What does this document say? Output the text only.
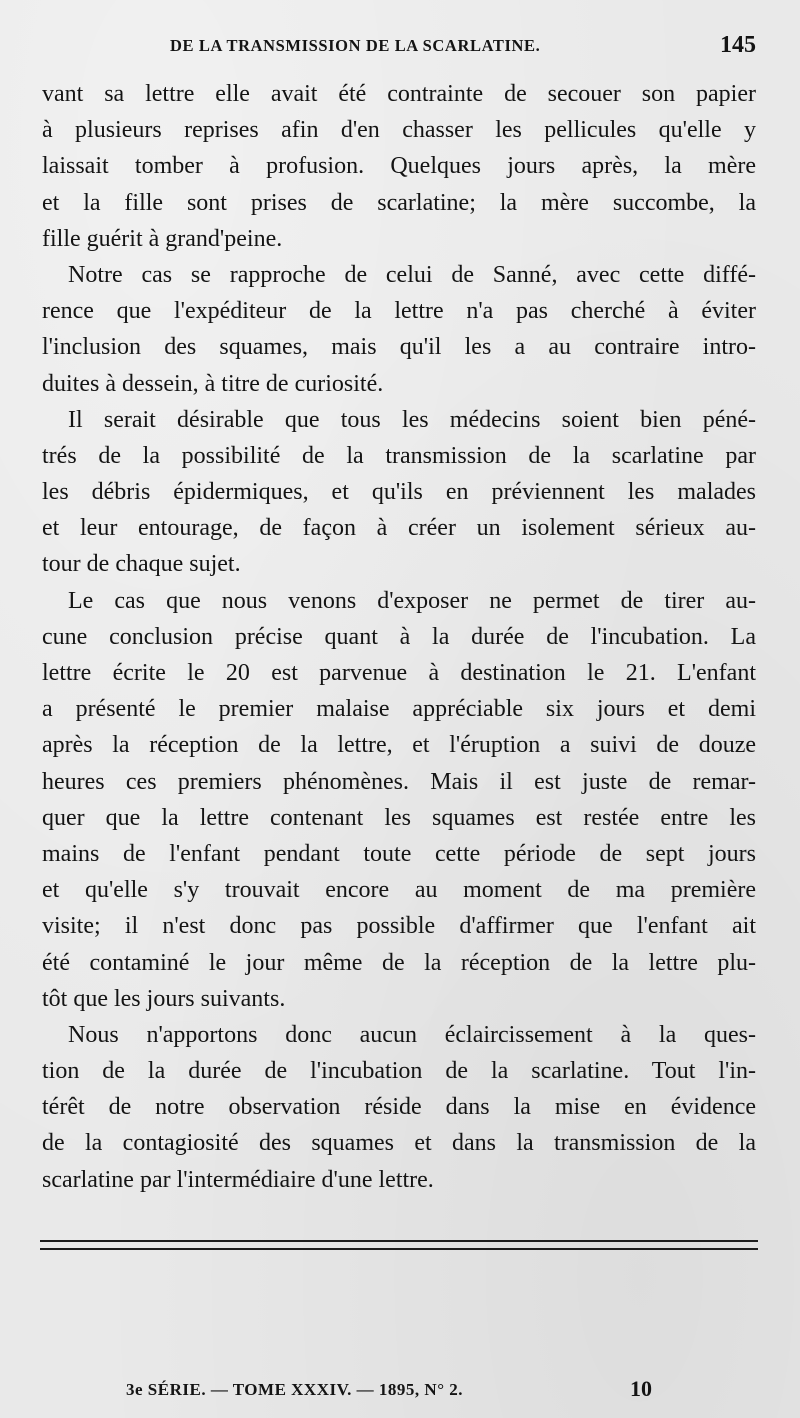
DE LA TRANSMISSION DE LA SCARLATINE.	145
vant sa lettre elle avait été contrainte de secouer son papier
à plusieurs reprises afin d'en chasser les pellicules qu'elle y
laissait tomber à profusion. Quelques jours après, la mère
et la fille sont prises de scarlatine; la mère succombe, la
fille guérit à grand'peine.
Notre cas se rapproche de celui de Sanné, avec cette diffé-
rence que l'expéditeur de la lettre n'a pas cherché à éviter
l'inclusion des squames, mais qu'il les a au contraire intro-
duites à dessein, à titre de curiosité.
Il serait désirable que tous les médecins soient bien péné-
trés de la possibilité de la transmission de la scarlatine par
les débris épidermiques, et qu'ils en préviennent les malades
et leur entourage, de façon à créer un isolement sérieux au-
tour de chaque sujet.
Le cas que nous venons d'exposer ne permet de tirer au-
cune conclusion précise quant à la durée de l'incubation. La
lettre écrite le 20 est parvenue à destination le 21. L'enfant
a présenté le premier malaise appréciable six jours et demi
après la réception de la lettre, et l'éruption a suivi de douze
heures ces premiers phénomènes. Mais il est juste de remar-
quer que la lettre contenant les squames est restée entre les
mains de l'enfant pendant toute cette période de sept jours
et qu'elle s'y trouvait encore au moment de ma première
visite; il n'est donc pas possible d'affirmer que l'enfant ait
été contaminé le jour même de la réception de la lettre plu-
tôt que les jours suivants.
Nous n'apportons donc aucun éclaircissement à la ques-
tion de la durée de l'incubation de la scarlatine. Tout l'in-
térêt de notre observation réside dans la mise en évidence
de la contagiosité des squames et dans la transmission de la
scarlatine par l'intermédiaire d'une lettre.
3e SÉRIE. — TOME XXXIV. — 1895, N° 2.	10
